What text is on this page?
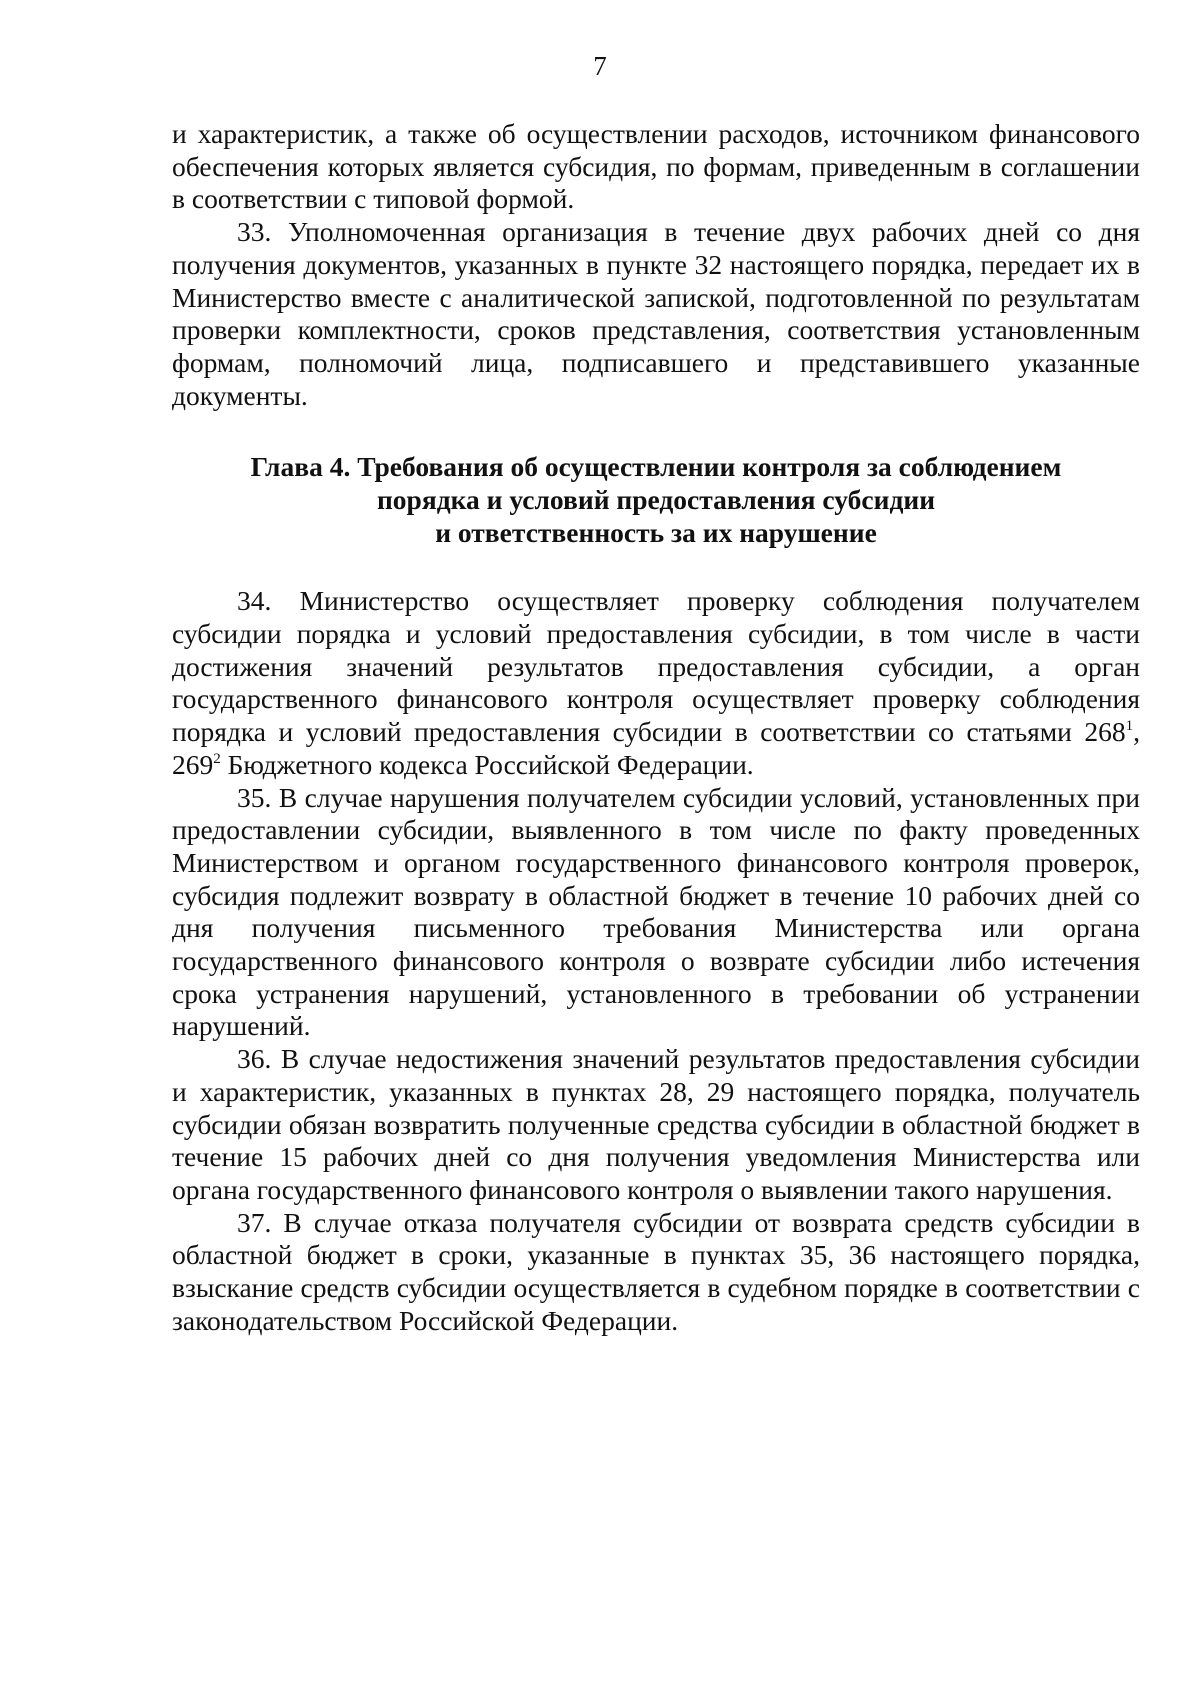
7

и характеристик, а также об осуществлении расходов, источником финансового обеспечения которых является субсидия, по формам, приведенным в соглашении в соответствии с типовой формой.

33. Уполномоченная организация в течение двух рабочих дней со дня получения документов, указанных в пункте 32 настоящего порядка, передает их в Министерство вместе с аналитической запиской, подготовленной по результатам проверки комплектности, сроков представления, соответствия установленным формам, полномочий лица, подписавшего и представившего указанные документы.

Глава 4. Требования об осуществлении контроля за соблюдением
порядка и условий предоставления субсидии
и ответственность за их нарушение

34. Министерство осуществляет проверку соблюдения получателем субсидии порядка и условий предоставления субсидии, в том числе в части достижения значений результатов предоставления субсидии, а орган государственного финансового контроля осуществляет проверку соблюдения порядка и условий предоставления субсидии в соответствии со статьями $268^1$, $269^2$ Бюджетного кодекса Российской Федерации.

35. В случае нарушения получателем субсидии условий, установленных при предоставлении субсидии, выявленного в том числе по факту проведенных Министерством и органом государственного финансового контроля проверок, субсидия подлежит возврату в областной бюджет в течение 10 рабочих дней со дня получения письменного требования Министерства или органа государственного финансового контроля о возврате субсидии либо истечения срока устранения нарушений, установленного в требовании об устранении нарушений.

36. В случае недостижения значений результатов предоставления субсидии и характеристик, указанных в пунктах 28, 29 настоящего порядка, получатель субсидии обязан возвратить полученные средства субсидии в областной бюджет в течение 15 рабочих дней со дня получения уведомления Министерства или органа государственного финансового контроля о выявлении такого нарушения.

37. В случае отказа получателя субсидии от возврата средств субсидии в областной бюджет в сроки, указанные в пунктах 35, 36 настоящего порядка, взыскание средств субсидии осуществляется в судебном порядке в соответствии с законодательством Российской Федерации.
